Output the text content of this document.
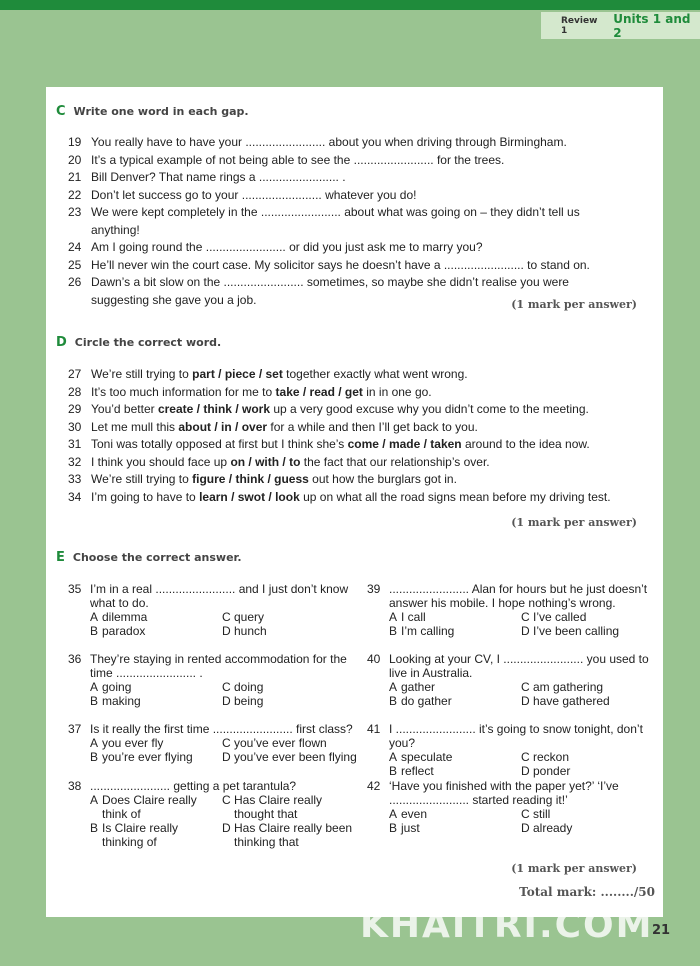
Review 1
Units 1 and 2
C Write one word in each gap.
19 You really have to have your ........................ about you when driving through Birmingham.
20 It’s a typical example of not being able to see the ........................ for the trees.
21 Bill Denver? That name rings a ........................ .
22 Don’t let success go to your ........................ whatever you do!
23 We were kept completely in the ........................ about what was going on – they didn’t tell us anything!
24 Am I going round the ........................ or did you just ask me to marry you?
25 He’ll never win the court case. My solicitor says he doesn’t have a ........................ to stand on.
26 Dawn’s a bit slow on the ........................ sometimes, so maybe she didn’t realise you were suggesting she gave you a job.	(1 mark per answer)
D Circle the correct word.
27 We’re still trying to part / piece / set together exactly what went wrong.
28 It’s too much information for me to take / read / get in in one go.
29 You’d better create / think / work up a very good excuse why you didn’t come to the meeting.
30 Let me mull this about / in / over for a while and then I’ll get back to you.
31 Toni was totally opposed at first but I think she’s come / made / taken around to the idea now.
32 I think you should face up on / with / to the fact that our relationship’s over.
33 We’re still trying to figure / think / guess out how the burglars got in.
34 I’m going to have to learn / swot / look up on what all the road signs mean before my driving test.
(1 mark per answer)
E Choose the correct answer.
35 I’m in a real ........................ and I just don’t know what to do.
A dilemma	C query
B paradox	D hunch
36 They’re staying in rented accommodation for the time ........................ .
A going	C doing
B making	D being
37 Is it really the first time ........................ first class?
A you ever fly	C you’ve ever flown
B you’re ever flying D you’ve ever been flying
38 ........................ getting a pet tarantula?
A Does Claire really think of
C Has Claire really thought that
B Is Claire really thinking of
D Has Claire really been thinking that
39 ........................ Alan for hours but he just doesn’t answer his mobile. I hope nothing’s wrong.
A I call	C I’ve called
B I’m calling	D I’ve been calling
40 Looking at your CV, I ........................ you used to live in Australia.
A gather	C am gathering
B do gather	D have gathered
41 I ........................ it’s going to snow tonight, don’t you?
A speculate	C reckon
B reflect	D ponder
42 ‘Have you finished with the paper yet?’ ‘I’ve ........................ started reading it!’
A even	C still
B just	D already
(1 mark per answer)
Total mark: ......../50
21
Sách
KHAITRI.COM
